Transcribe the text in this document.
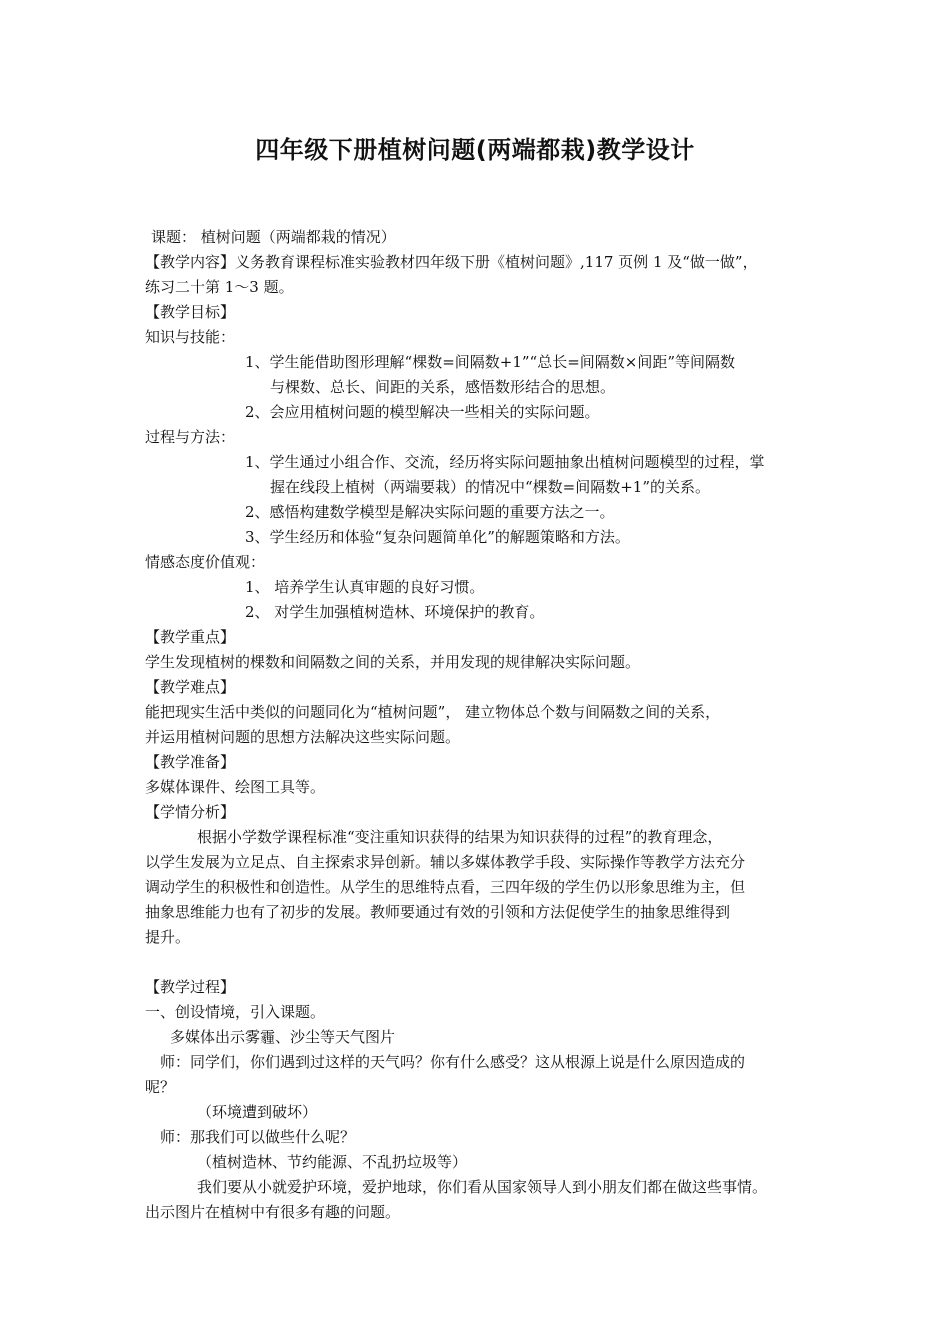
四年级下册植树问题(两端都栽)教学设计
课题： 植树问题（两端都栽的情况）
【教学内容】义务教育课程标准实验教材四年级下册《植树问题》,117 页例 1 及“做一做”，
练习二十第 1～3 题。
【教学目标】
知识与技能：
1、学生能借助图形理解“棵数=间隔数+1”“总长=间隔数×间距”等间隔数
与棵数、总长、间距的关系，感悟数形结合的思想。
2、会应用植树问题的模型解决一些相关的实际问题。
过程与方法：
1、学生通过小组合作、交流，经历将实际问题抽象出植树问题模型的过程，掌
握在线段上植树（两端要栽）的情况中“棵数=间隔数+1”的关系。
2、感悟构建数学模型是解决实际问题的重要方法之一。
3、学生经历和体验“复杂问题简单化”的解题策略和方法。
情感态度价值观：
1、 培养学生认真审题的良好习惯。
2、 对学生加强植树造林、环境保护的教育。
【教学重点】
学生发现植树的棵数和间隔数之间的关系，并用发现的规律解决实际问题。
【教学难点】
能把现实生活中类似的问题同化为“植树问题”， 建立物体总个数与间隔数之间的关系，
并运用植树问题的思想方法解决这些实际问题。
【教学准备】
多媒体课件、绘图工具等。
【学情分析】
根据小学数学课程标准“变注重知识获得的结果为知识获得的过程”的教育理念，
以学生发展为立足点、自主探索求异创新。辅以多媒体教学手段、实际操作等教学方法充分
调动学生的积极性和创造性。从学生的思维特点看，三四年级的学生仍以形象思维为主，但
抽象思维能力也有了初步的发展。教师要通过有效的引领和方法促使学生的抽象思维得到
提升。
【教学过程】
一、创设情境，引入课题。
多媒体出示雾霾、沙尘等天气图片
师：同学们，你们遇到过这样的天气吗？你有什么感受？这从根源上说是什么原因造成的
呢？
（环境遭到破坏）
师：那我们可以做些什么呢？
（植树造林、节约能源、不乱扔垃圾等）
我们要从小就爱护环境，爱护地球，你们看从国家领导人到小朋友们都在做这些事情。
出示图片在植树中有很多有趣的问题。
